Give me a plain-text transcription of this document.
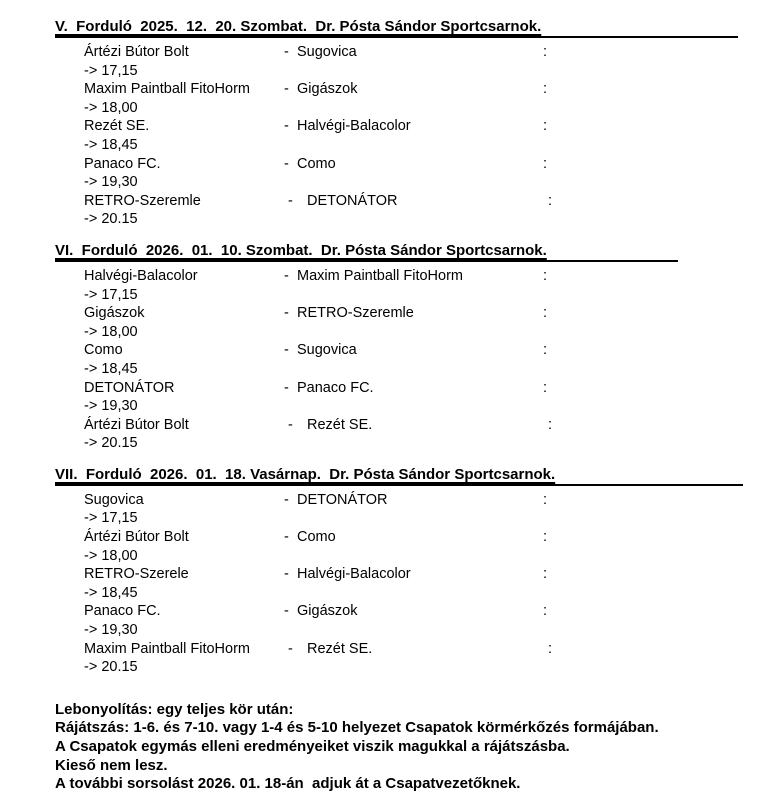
V.  Forduló  2025.  12.  20. Szombat.  Dr. Pósta Sándor Sportcsarnok.
Ártézi Bútor Bolt	- Sugovica	:
-> 17,15
Maxim Paintball FitoHorm - Gigászok	:
-> 18,00
Rezét SE.	- Halvégi-Balacolor	:
-> 18,45
Panaco FC.	- Como	:
-> 19,30
RETRO-Szeremle	- DETONÁTOR	:
-> 20.15
VI.  Forduló  2026.  01.  10. Szombat.  Dr. Pósta Sándor Sportcsarnok.
Halvégi-Balacolor	- Maxim Paintball FitoHorm	:
-> 17,15
Gigászok	- RETRO-Szeremle	:
-> 18,00
Como	- Sugovica	:
-> 18,45
DETONÁTOR	- Panaco FC.	:
-> 19,30
Ártézi Bútor Bolt	- Rezét SE.	:
-> 20.15
VII.  Forduló  2026.  01.  18. Vasárnap.  Dr. Pósta Sándor Sportcsarnok.
Sugovica	- DETONÁTOR	:
-> 17,15
Ártézi Bútor Bolt	- Como	:
-> 18,00
RETRO-Szerele	- Halvégi-Balacolor	:
-> 18,45
Panaco FC.	- Gigászok	:
-> 19,30
Maxim Paintball FitoHorm	- Rezét SE.	:
-> 20.15
Lebonyolítás: egy teljes kör után:
Rájátszás: 1-6. és 7-10. vagy 1-4 és 5-10 helyezet Csapatok körmérkőzés formájában.
A Csapatok egymás elleni eredményeiket viszik magukkal a rájátszásba.
Kieső nem lesz.
A további sorsolást 2026. 01. 18-án  adjuk át a Csapatvezetőknek.
